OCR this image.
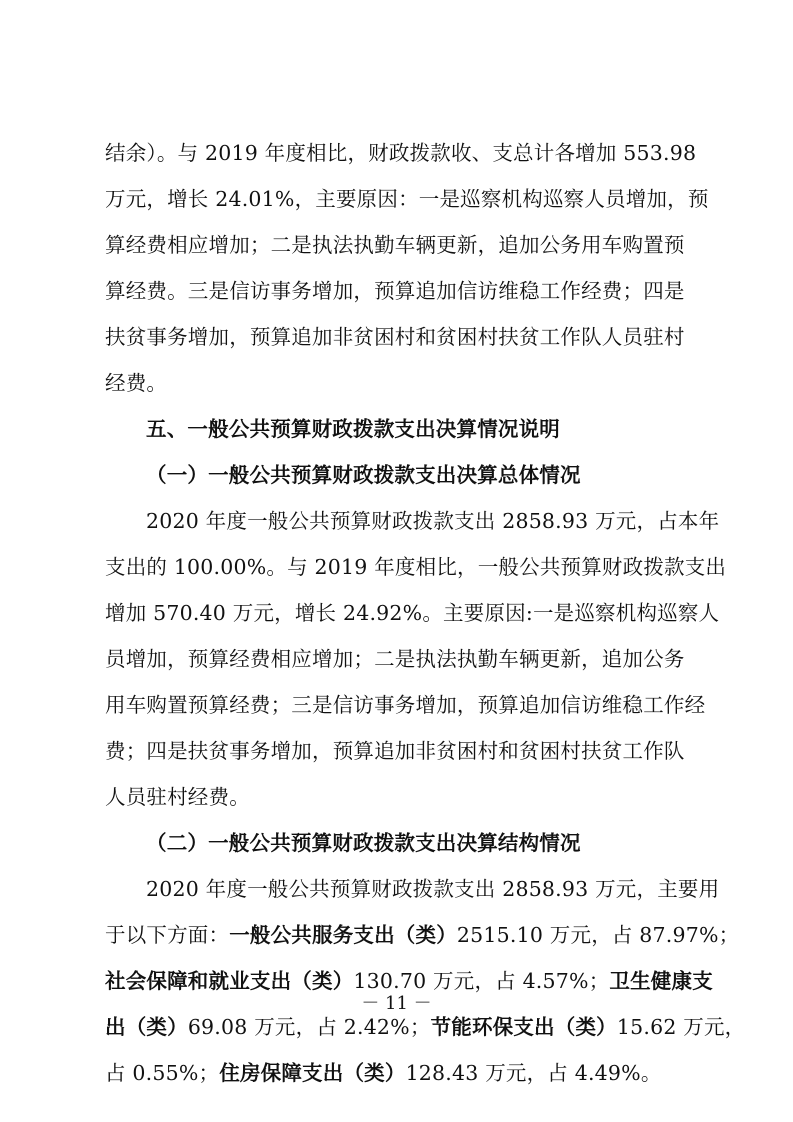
结余）。与 2019 年度相比，财政拨款收、支总计各增加 553.98
万元，增长 24.01%，主要原因：一是巡察机构巡察人员增加，预
算经费相应增加；二是执法执勤车辆更新，追加公务用车购置预
算经费。三是信访事务增加，预算追加信访维稳工作经费；四是
扶贫事务增加，预算追加非贫困村和贫困村扶贫工作队人员驻村
经费。
五、一般公共预算财政拨款支出决算情况说明
（一）一般公共预算财政拨款支出决算总体情况
2020 年度一般公共预算财政拨款支出 2858.93 万元，占本年
支出的 100.00%。与 2019 年度相比，一般公共预算财政拨款支出
增加 570.40 万元，增长 24.92%。主要原因:一是巡察机构巡察人
员增加，预算经费相应增加；二是执法执勤车辆更新，追加公务
用车购置预算经费；三是信访事务增加，预算追加信访维稳工作经
费；四是扶贫事务增加，预算追加非贫困村和贫困村扶贫工作队
人员驻村经费。
（二）一般公共预算财政拨款支出决算结构情况
2020 年度一般公共预算财政拨款支出 2858.93 万元，主要用
于以下方面：一般公共服务支出（类）2515.10 万元，占 87.97%；
社会保障和就业支出（类）130.70 万元，占 4.57%；卫生健康支
出（类）69.08 万元，占 2.42%；节能环保支出（类）15.62 万元，
占 0.55%；住房保障支出（类）128.43 万元，占 4.49%。
－ 11 －
